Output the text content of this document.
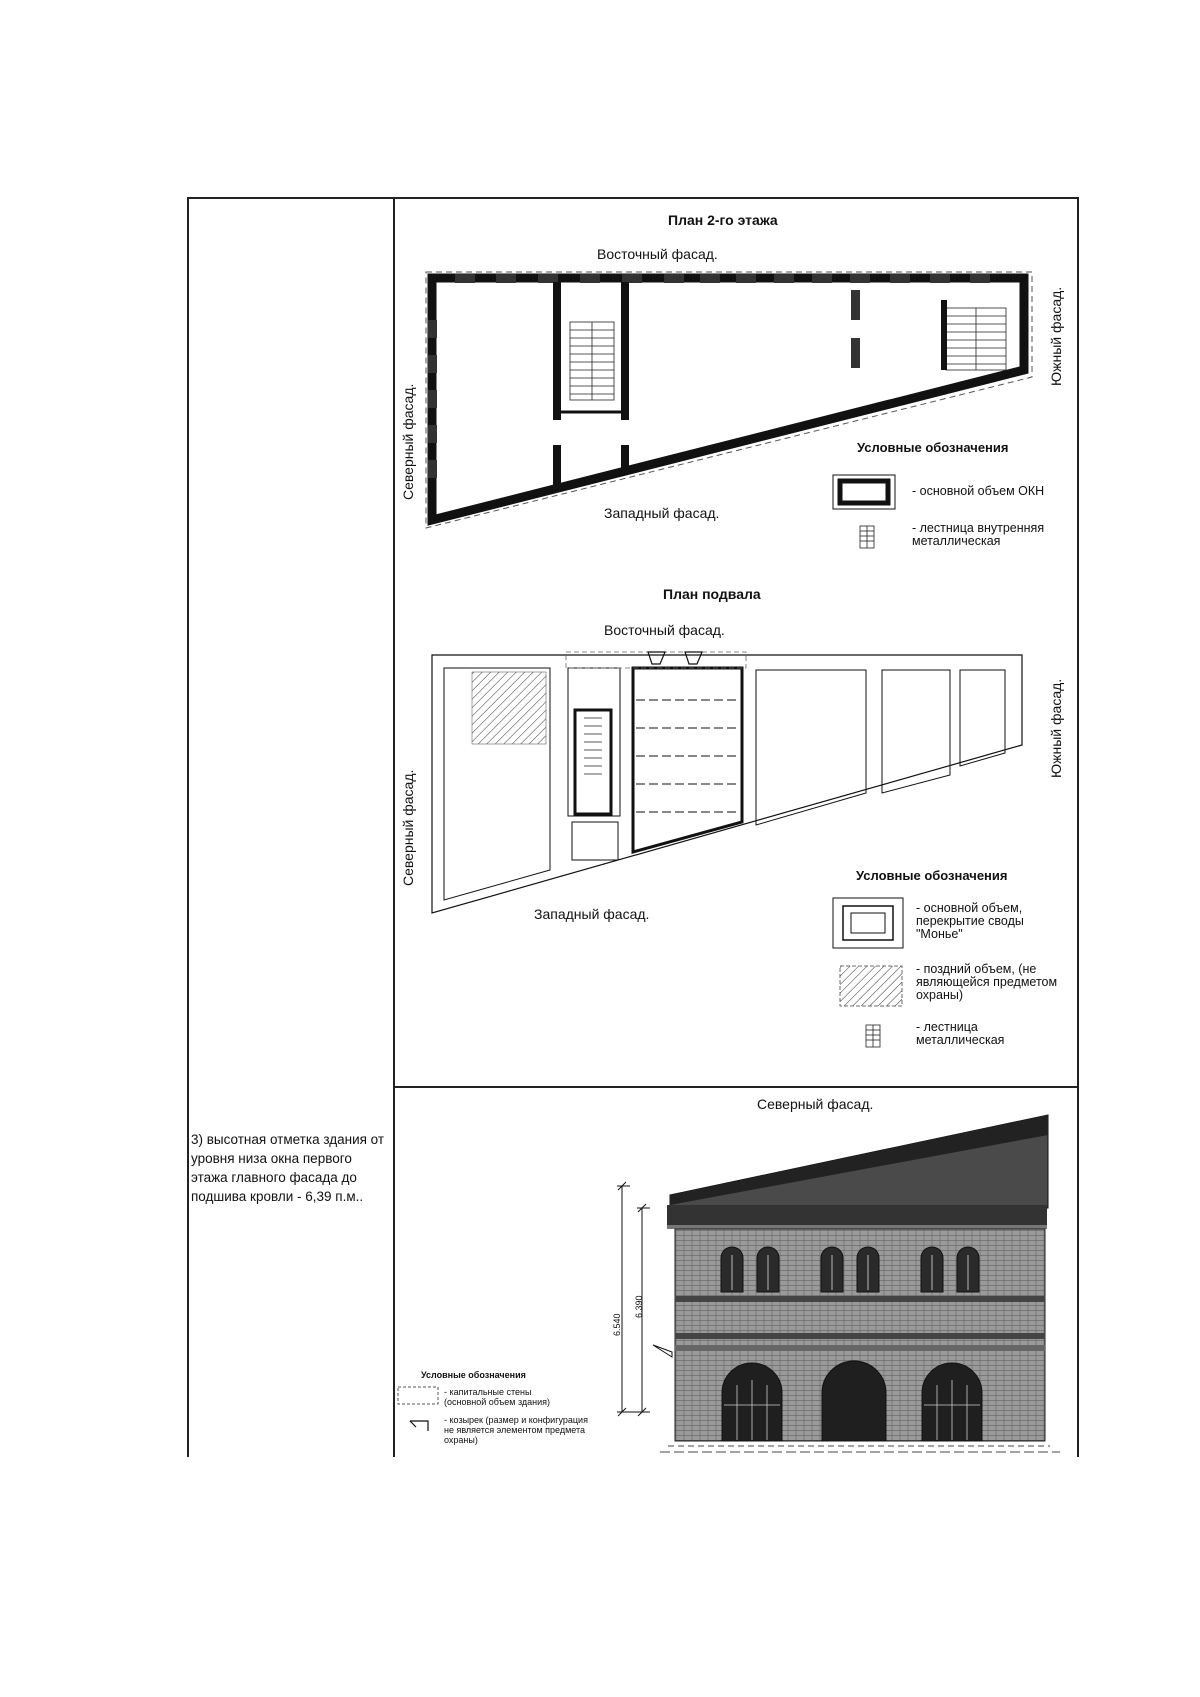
3) высотная отметка здания от уровня низа окна первого этажа главного фасада до подшива кровли - 6,39 п.м..
План 2-го этажа
Восточный фасад.
Западный фасад.
Северный фасад.
Южный фасад.
Условные обозначения
- основной объем ОКН
- лестница внутренняя металлическая
План подвала
Восточный фасад.
Западный фасад.
Северный фасад.
Южный фасад.
Условные обозначения
- основной объем, перекрытие своды "Монье"
- поздний объем, (не являющейся предметом охраны)
- лестница металлическая
Северный фасад.
6.540
6.390
Условные обозначения
- капитальные стены (основной объем здания)
- козырек (размер и конфигурация не является элементом предмета охраны)
